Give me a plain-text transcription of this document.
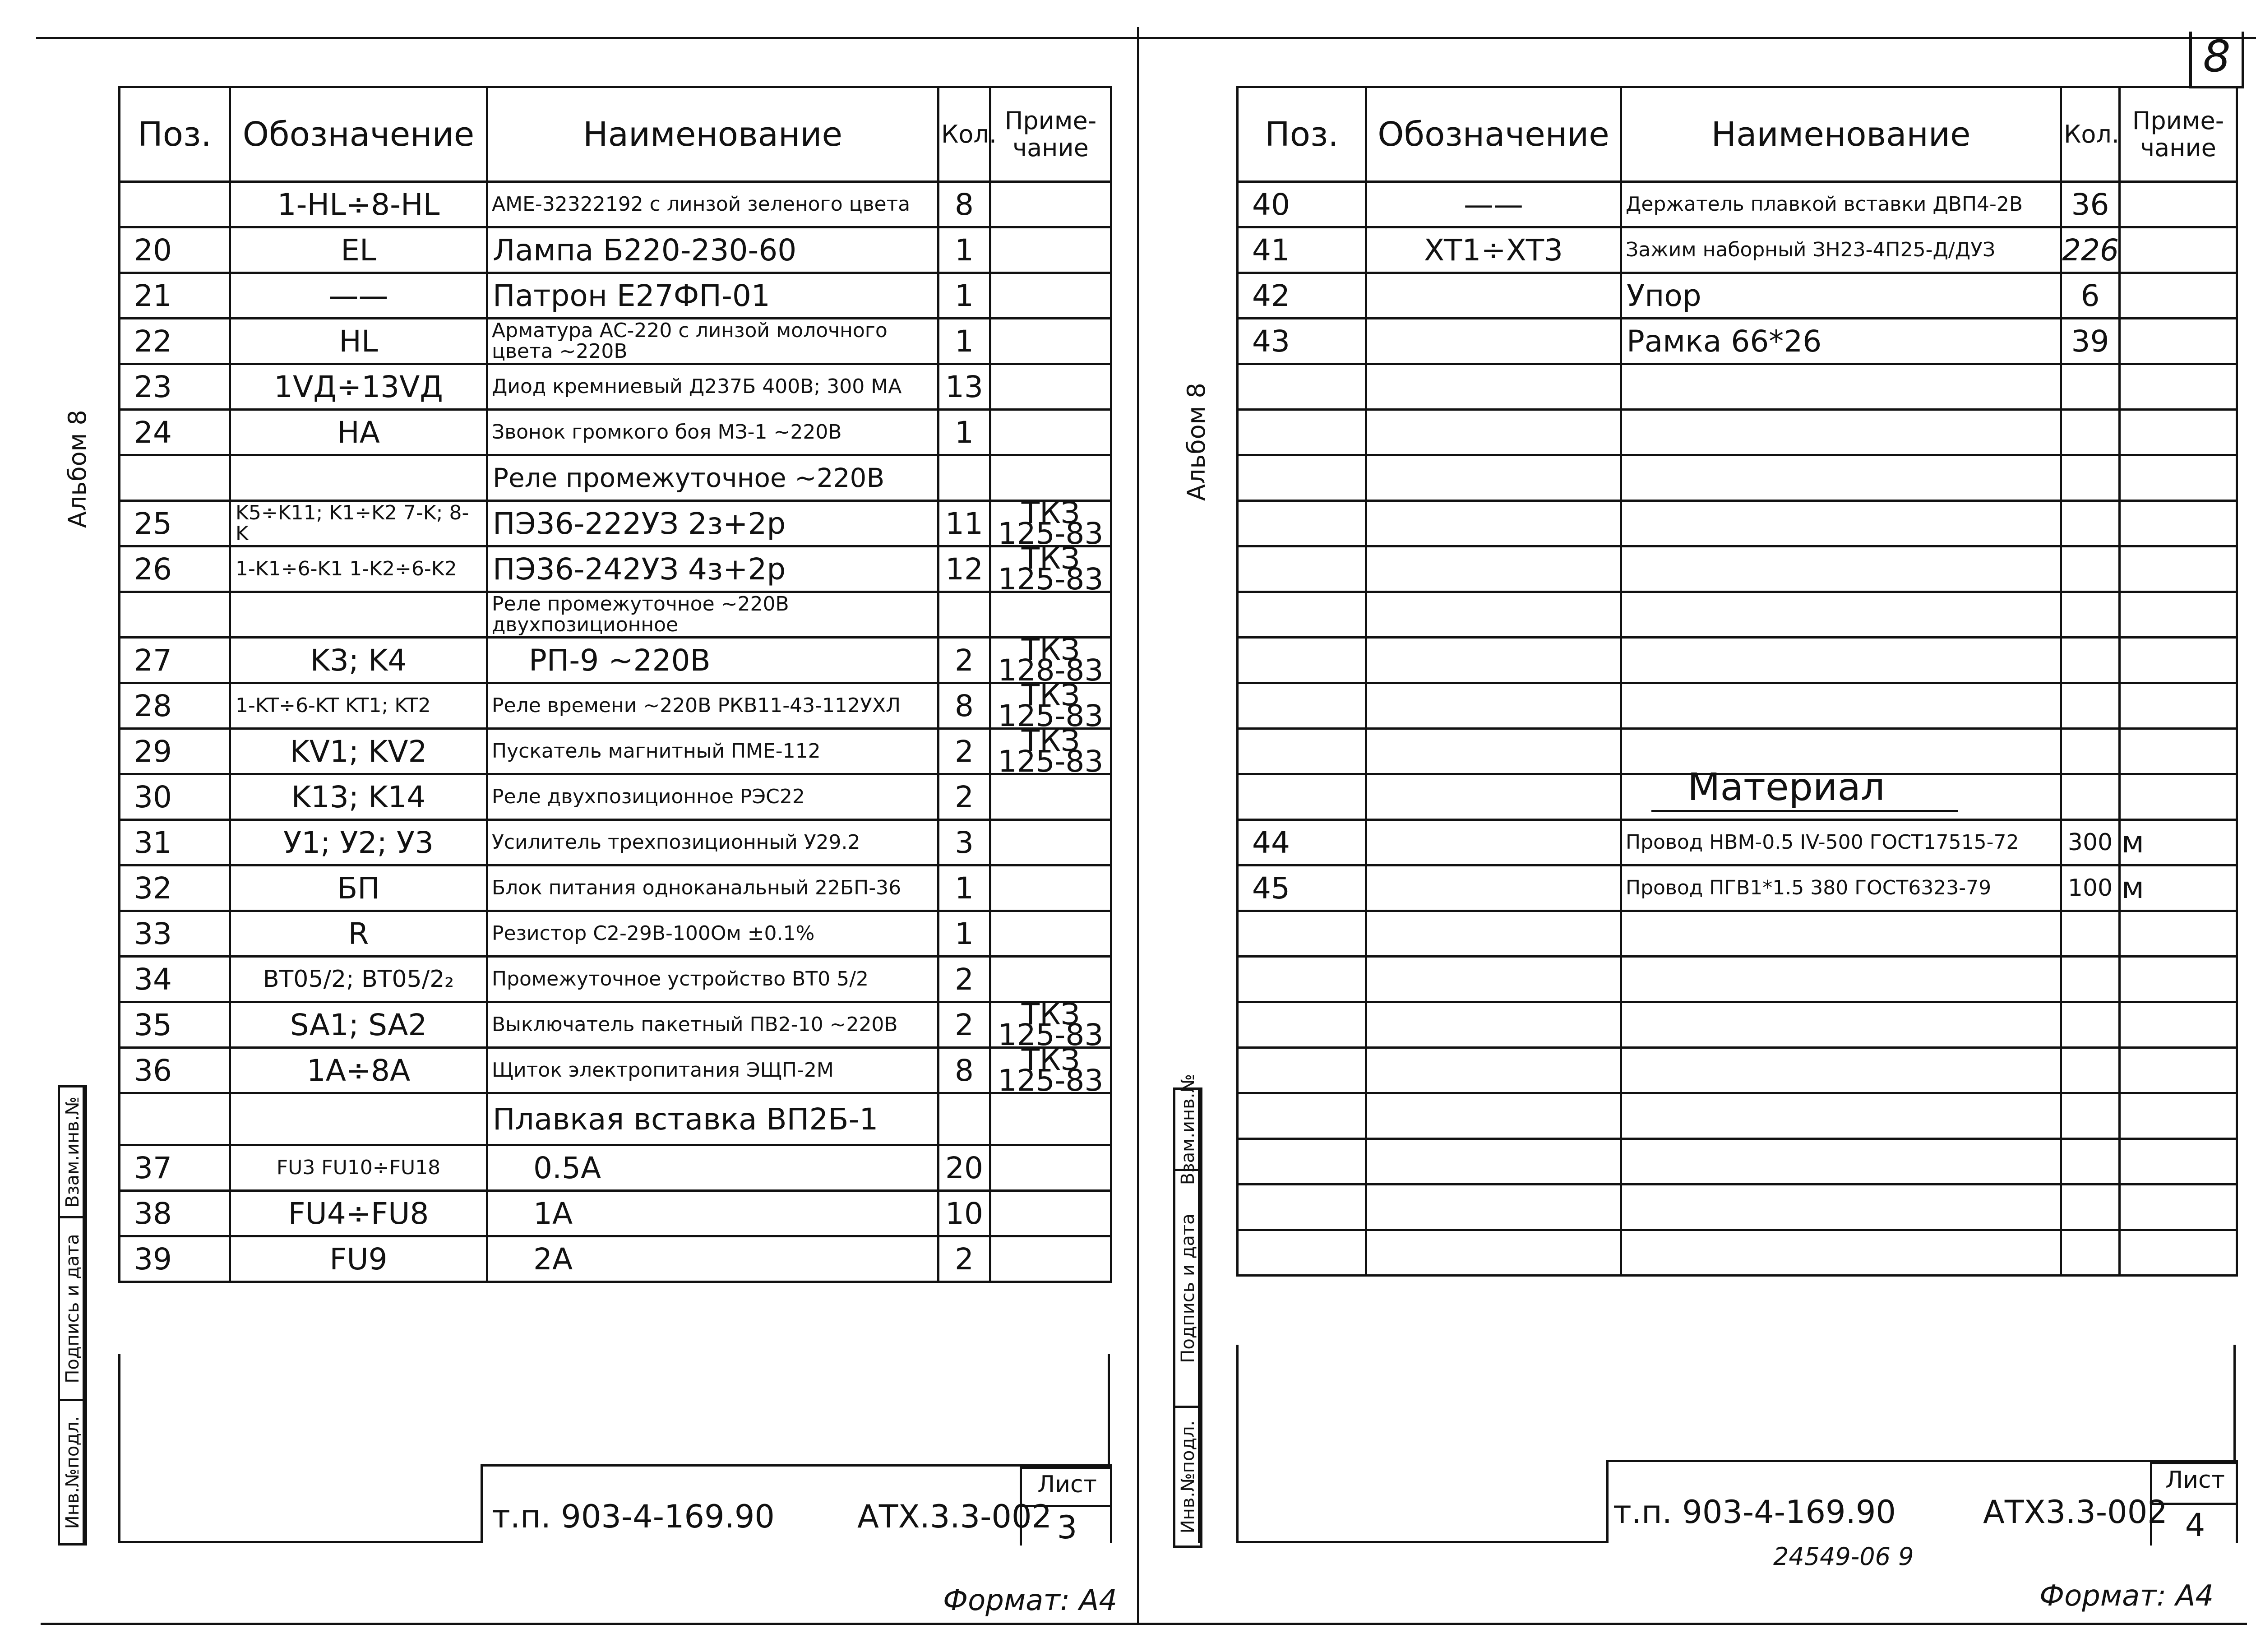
8
Альбом 8
Взам.инв.№
Подпись и дата
Инв.№подл.
Поз.	Обозначение	Наименование	Кол.	Приме- чание
	1-HL÷8-HL	АМЕ-32322192 с линзой зеленого цвета	8	
20	EL	Лампа Б220-230-60	1	
21	——	Патрон Е27ФП-01	1	
22	HL	Арматура АС-220 с линзой молочного цвета ~220В	1	
23	1VД÷13VД	Диод кремниевый Д237Б 400В; 300 МА	13	
24	НА	Звонок громкого боя МЗ-1 ~220В	1	
		Реле промежуточное ~220В		
25	K5÷K11; K1÷K2 7-K; 8-K	ПЭ36-222УЗ 2з+2р	11	ТКЗ 125-83
26	1-K1÷6-K1 1-K2÷6-K2	ПЭ36-242УЗ 4з+2р	12	ТКЗ 125-83
		Реле промежуточное ~220В двухпозиционное		
27	K3; K4	РП-9 ~220В	2	ТКЗ 128-83
28	1-KT÷6-KT KT1; KT2	Реле времени ~220В РКВ11-43-112УХЛ	8	ТКЗ 125-83
29	KV1; KV2	Пускатель магнитный ПМЕ-112	2	ТКЗ 125-83
30	K13; K14	Реле двухпозиционное РЭС22	2	
31	У1; У2; У3	Усилитель трехпозиционный У29.2	3	
32	БП	Блок питания одноканальный 22БП-36	1	
33	R	Резистор С2-29В-100Ом ±0.1%	1	
34	ВТ05/2; ВТ05/2₂	Промежуточное устройство ВТ0 5/2	2	
35	SA1; SA2	Выключатель пакетный ПВ2-10 ~220В	2	ТКЗ 125-83
36	1А÷8А	Щиток электропитания ЭЩП-2М	8	ТКЗ 125-83
		Плавкая вставка ВП2Б-1		
37	FU3 FU10÷FU18	0.5А	20	
38	FU4÷FU8	1А	10	
39	FU9	2А	2	
т.п. 903-4-169.90	АТХ.3.3-002
Лист
3
Формат: А4
Альбом 8
Взам.инв.№
Подпись и дата
Инв.№подл.
Поз.	Обозначение	Наименование	Кол.	Приме- чание
40	——	Держатель плавкой вставки ДВП4-2В	36	
41	XT1÷XT3	Зажим наборный ЗН23-4П25-Д/ДУЗ	226	
42		Упор	6	
43		Рамка 66*26	39	

44		Провод НВМ-0.5 IV-500 ГОСТ17515-72	300	м
45		Провод ПГВ1*1.5 380 ГОСТ6323-79	100	м

Материал
т.п. 903-4-169.90	АТХ3.3-002
Лист
4
24549-06 9
Формат: А4
